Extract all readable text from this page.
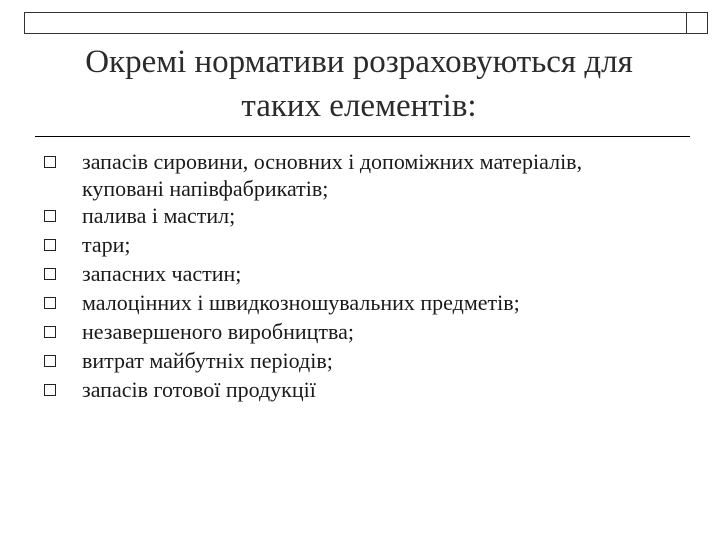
Окремі нормативи розраховуються для
таких елементів:
запасів сировини, основних і допоміжних матеріалів, куповані напівфабрикатів;
палива і мастил;
тари;
запасних частин;
малоцінних і швидкозношувальних предметів;
незавершеного виробництва;
витрат майбутніх періодів;
запасів готової продукції
